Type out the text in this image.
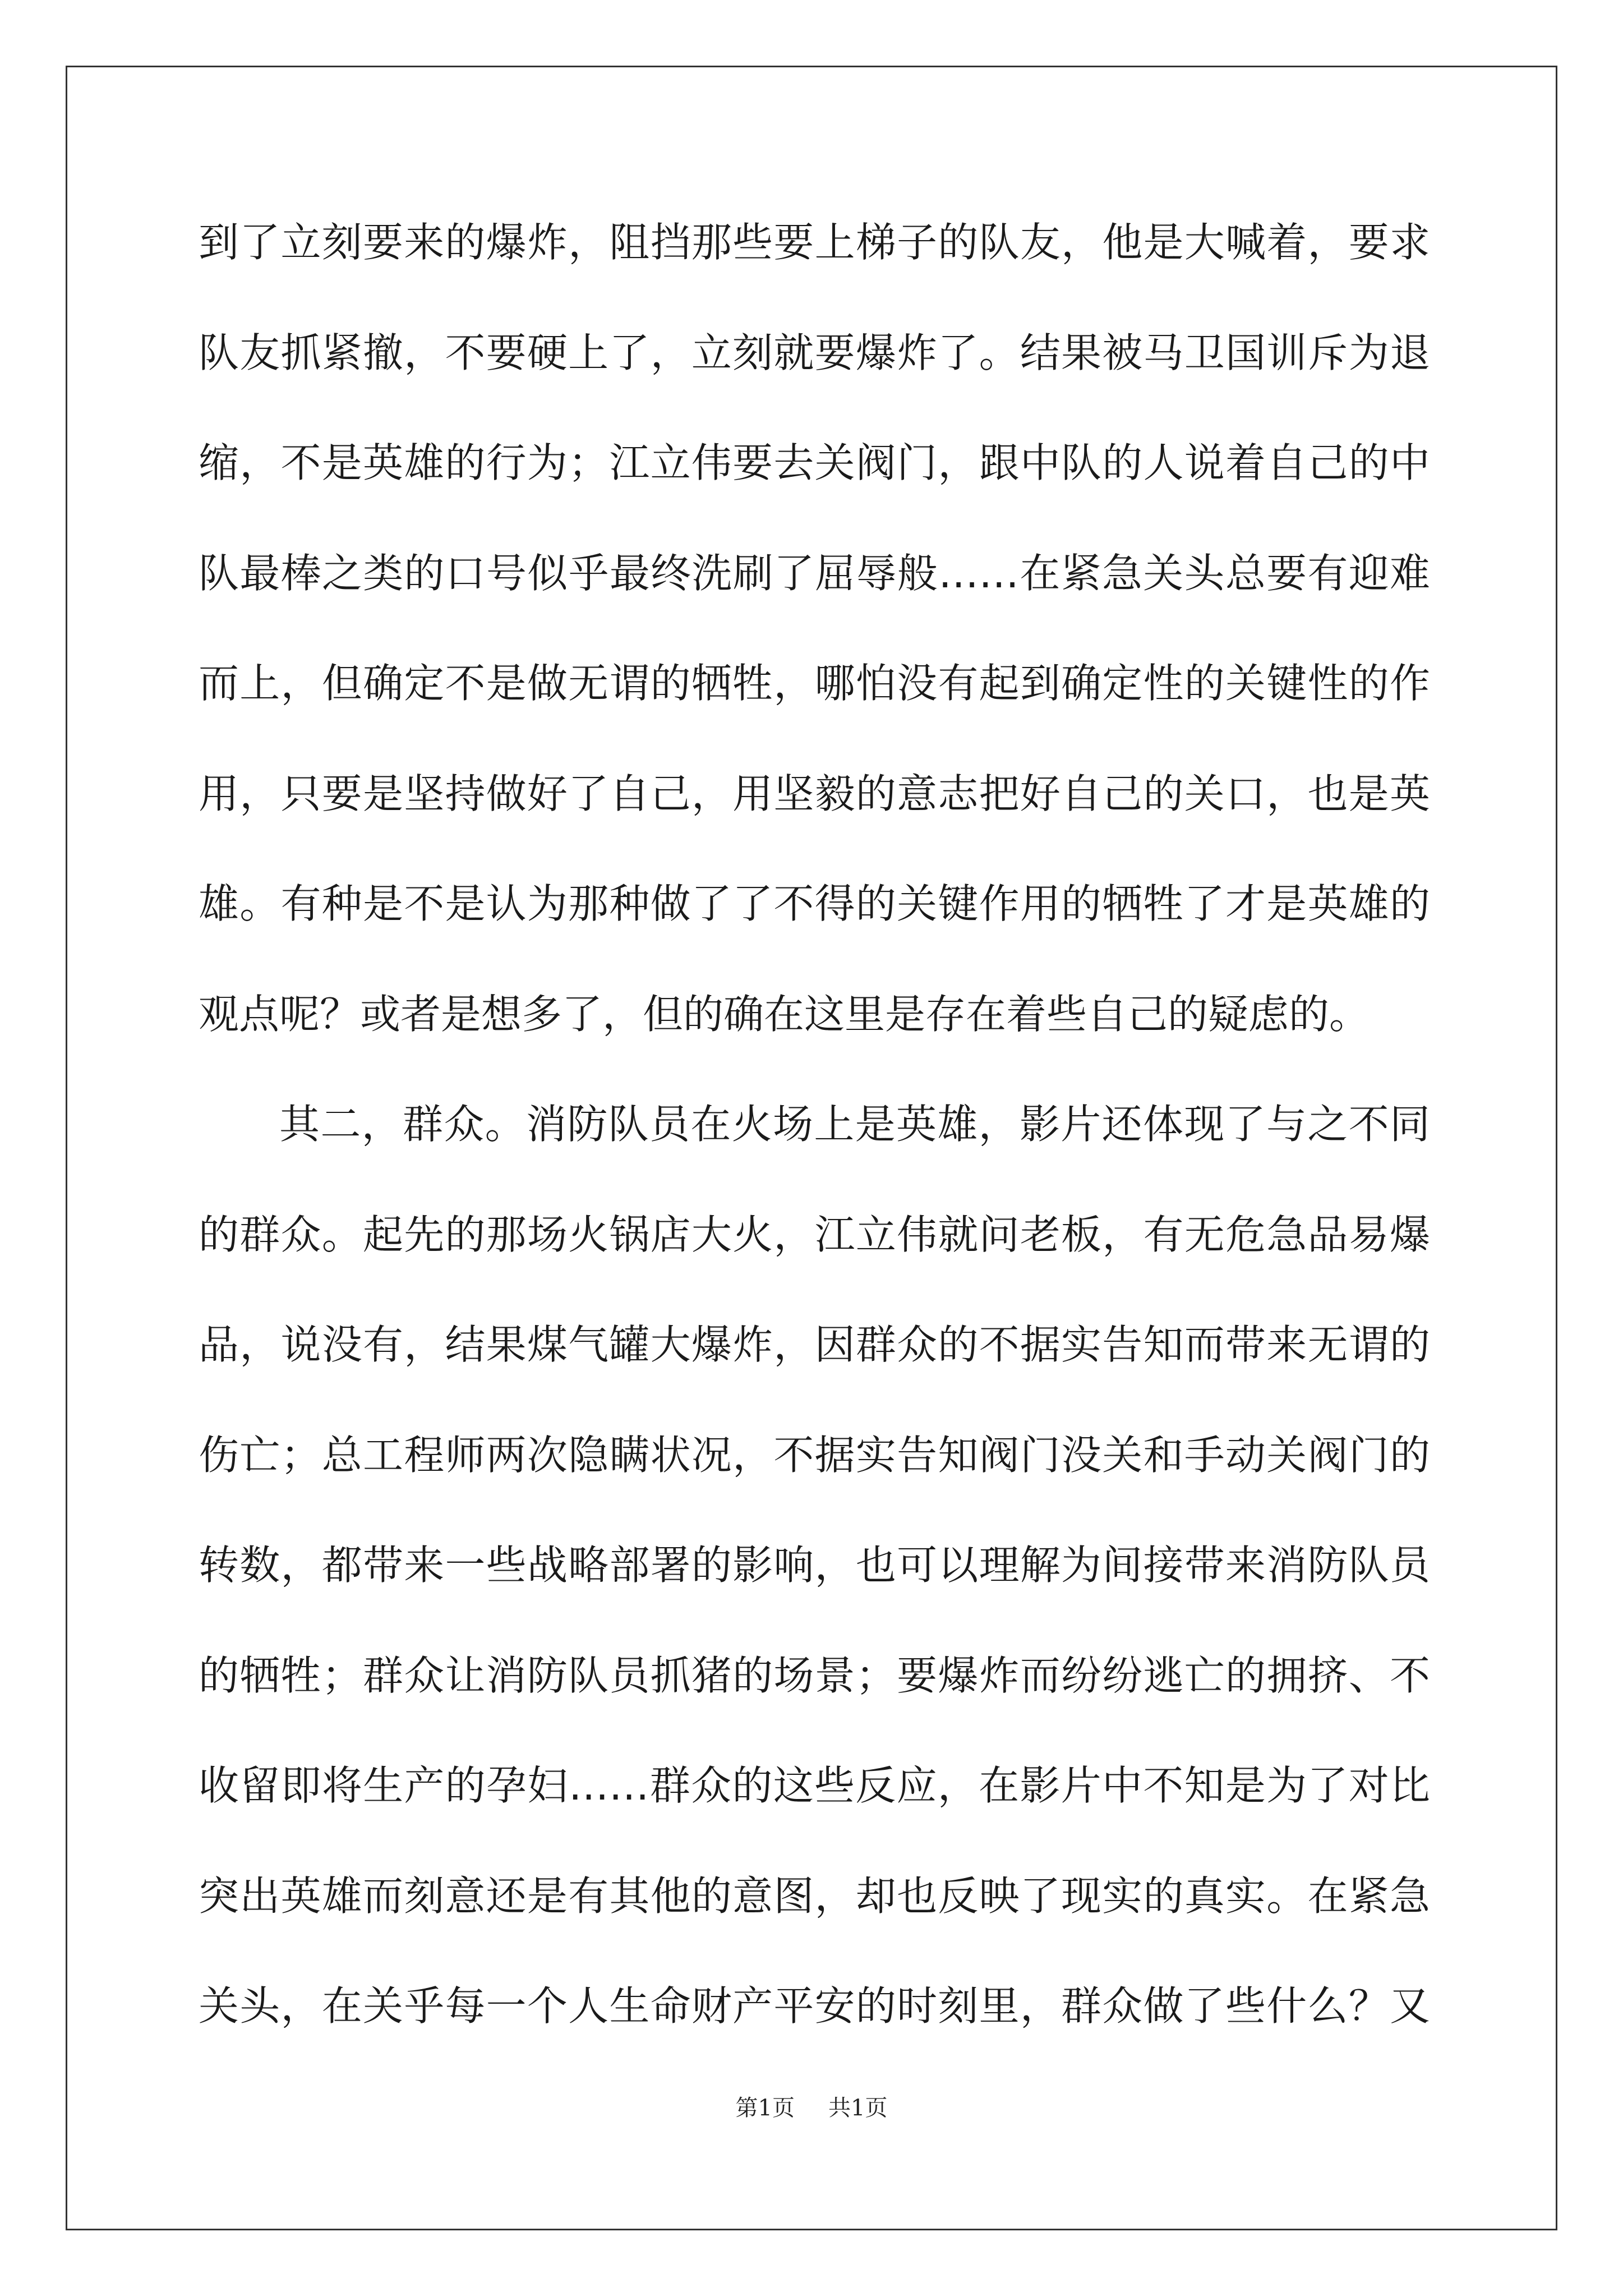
到了立刻要来的爆炸，阻挡那些要上梯子的队友，他是大喊着，要求
队友抓紧撤，不要硬上了，立刻就要爆炸了。结果被马卫国训斥为退
缩，不是英雄的行为；江立伟要去关阀门，跟中队的人说着自己的中
队最棒之类的口号似乎最终洗刷了屈辱般……在紧急关头总要有迎难
而上，但确定不是做无谓的牺牲，哪怕没有起到确定性的关键性的作
用，只要是坚持做好了自己，用坚毅的意志把好自己的关口，也是英
雄。有种是不是认为那种做了了不得的关键作用的牺牲了才是英雄的
观点呢？或者是想多了，但的确在这里是存在着些自己的疑虑的。
其二，群众。消防队员在火场上是英雄，影片还体现了与之不同
的群众。起先的那场火锅店大火，江立伟就问老板，有无危急品易爆
品，说没有，结果煤气罐大爆炸，因群众的不据实告知而带来无谓的
伤亡；总工程师两次隐瞒状况，不据实告知阀门没关和手动关阀门的
转数，都带来一些战略部署的影响，也可以理解为间接带来消防队员
的牺牲；群众让消防队员抓猪的场景；要爆炸而纷纷逃亡的拥挤、不
收留即将生产的孕妇……群众的这些反应，在影片中不知是为了对比
突出英雄而刻意还是有其他的意图，却也反映了现实的真实。在紧急
关头，在关乎每一个人生命财产平安的时刻里，群众做了些什么？又
第1页 共1页
